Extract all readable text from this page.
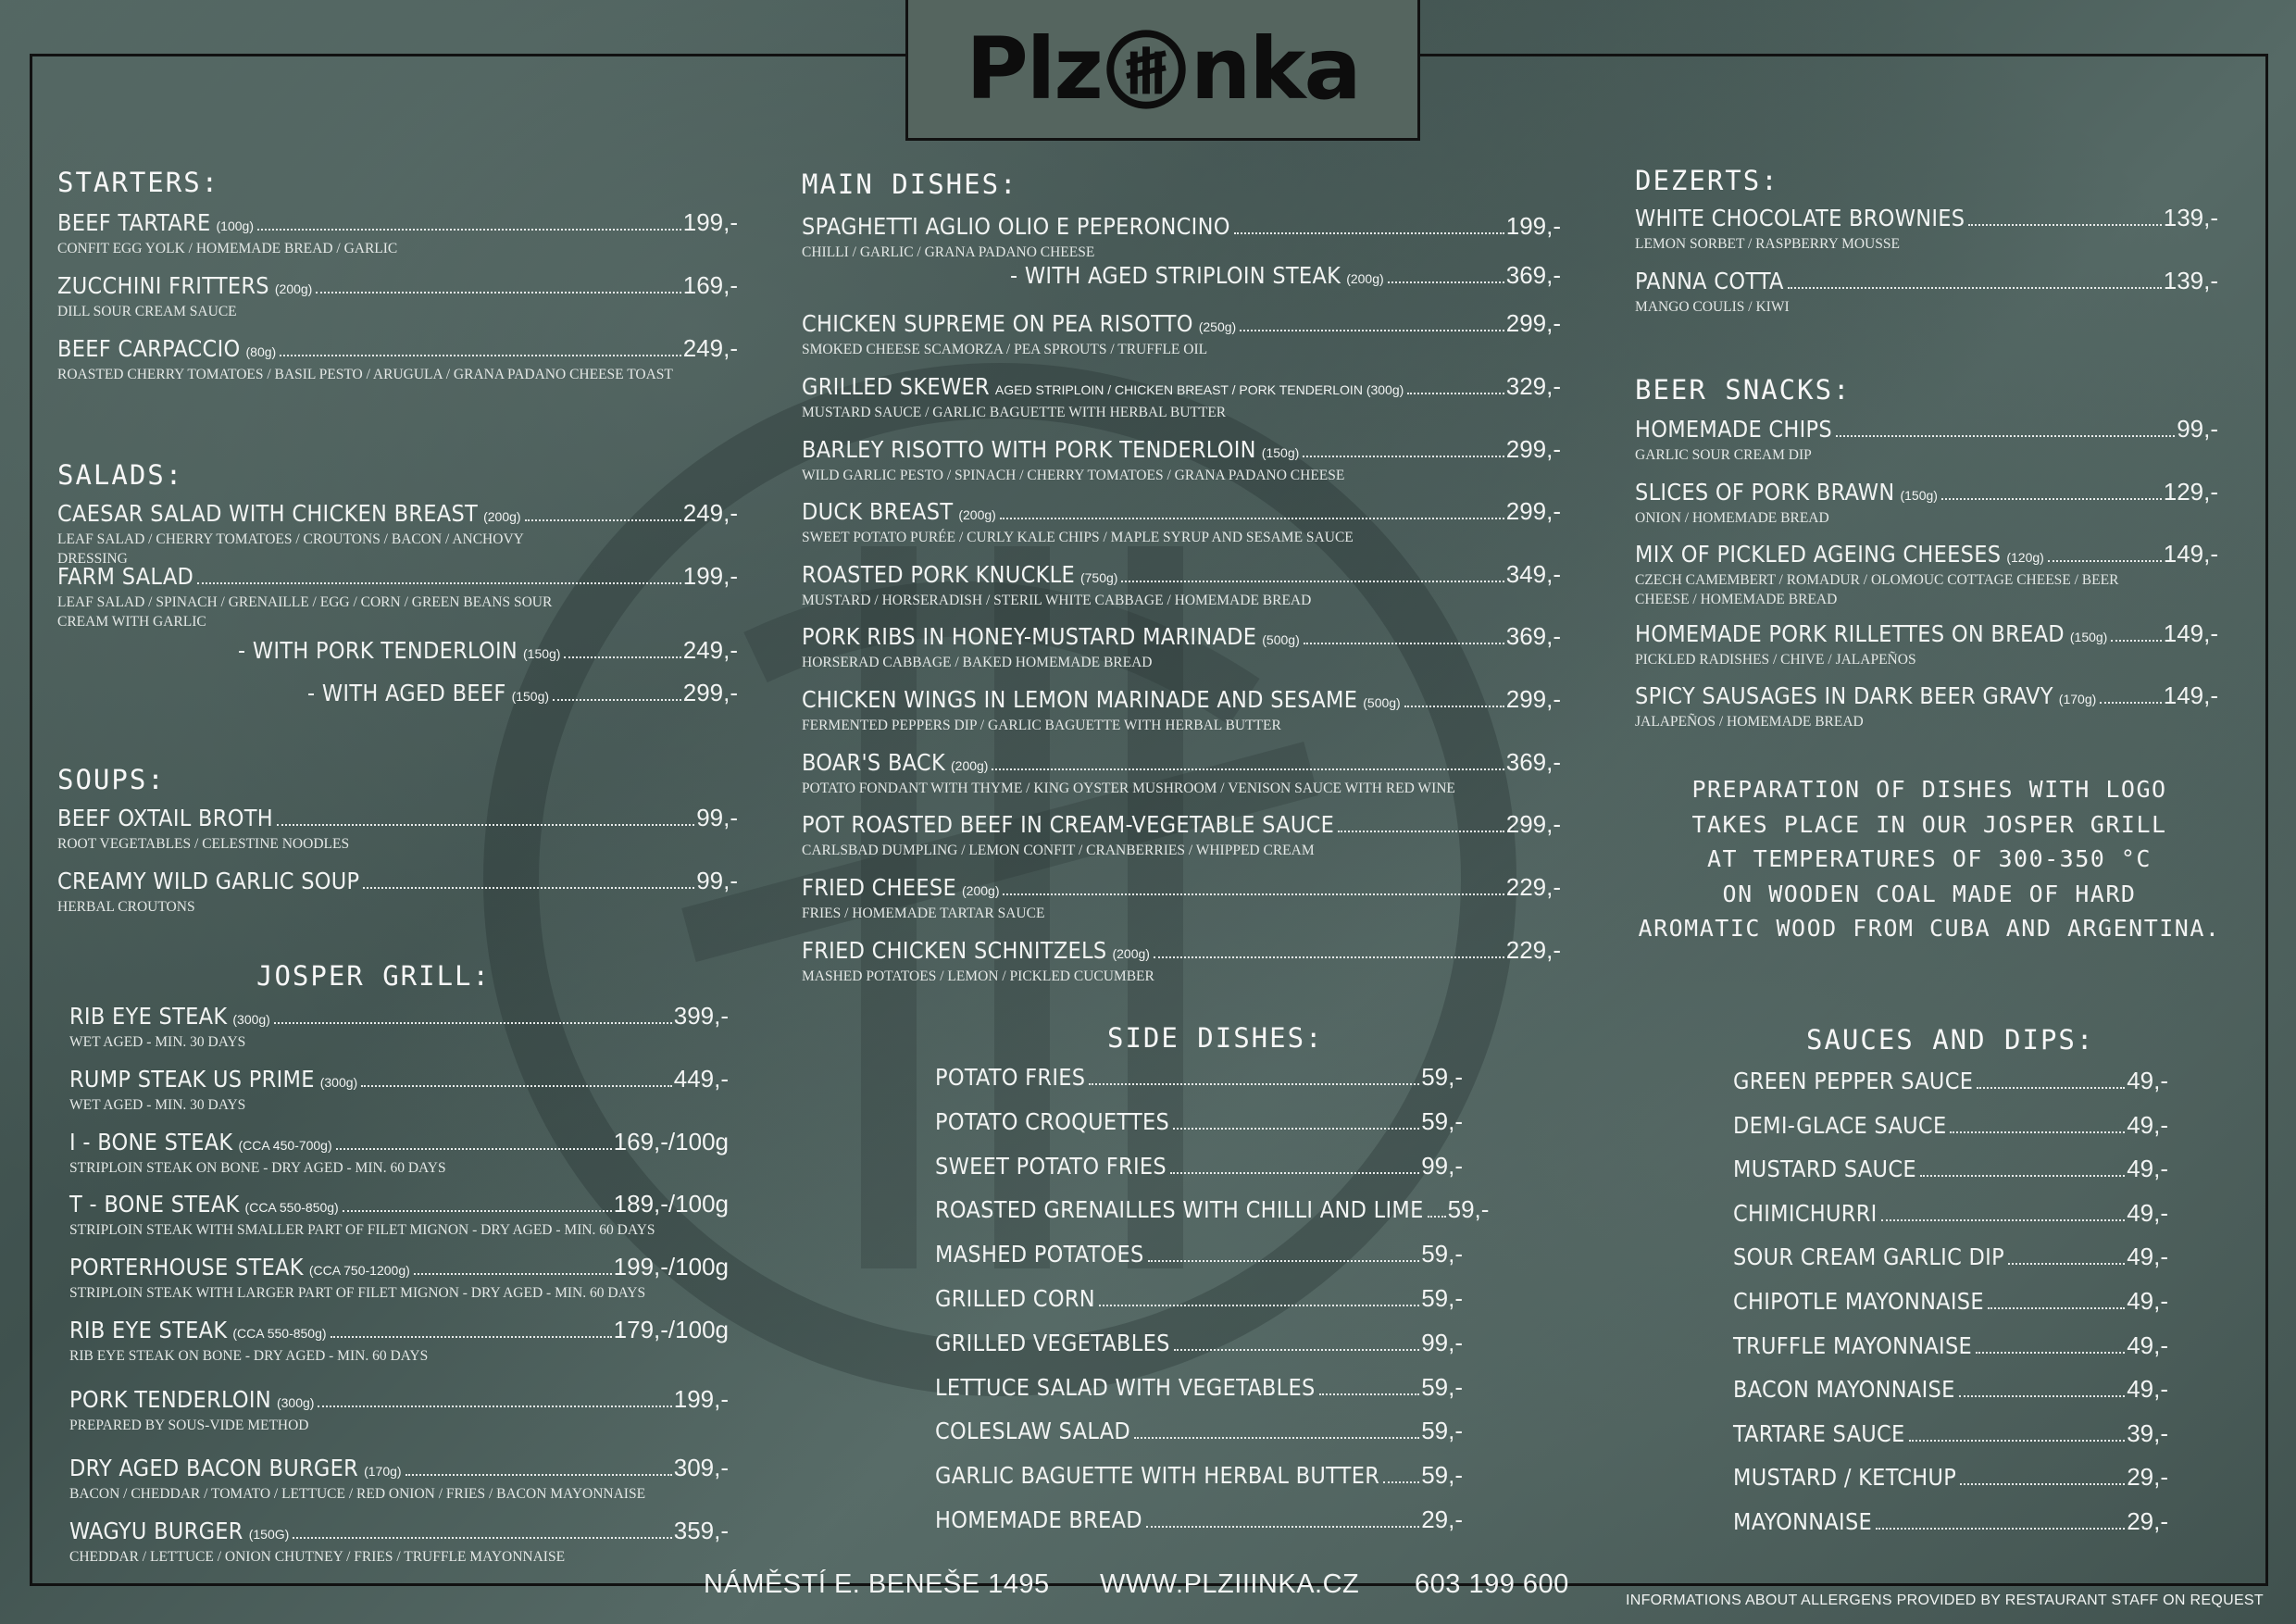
Plz nka
STARTERS:
BEEF TARTARE (100g)	199,-
CONFIT EGG YOLK / HOMEMADE BREAD / GARLIC
ZUCCHINI FRITTERS (200g)	169,-
DILL SOUR CREAM SAUCE
BEEF CARPACCIO (80g)	249,-
ROASTED CHERRY TOMATOES / BASIL PESTO / ARUGULA / GRANA PADANO CHEESE TOAST
SALADS:
CAESAR SALAD WITH CHICKEN BREAST (200g)	249,-
LEAF SALAD / CHERRY TOMATOES / CROUTONS / BACON / ANCHOVY DRESSING
FARM SALAD	199,-
LEAF SALAD / SPINACH / GRENAILLE / EGG / CORN / GREEN BEANS SOUR CREAM WITH GARLIC
- WITH PORK TENDERLOIN (150g)	249,-
- WITH AGED BEEF (150g)	299,-
SOUPS:
BEEF OXTAIL BROTH	99,-
ROOT VEGETABLES / CELESTINE NOODLES
CREAMY WILD GARLIC SOUP	99,-
HERBAL CROUTONS
JOSPER GRILL:
RIB EYE STEAK (300g)	399,-
WET AGED - MIN. 30 DAYS
RUMP STEAK US PRIME (300g)	449,-
WET AGED - MIN. 30 DAYS
I - BONE STEAK (CCA 450-700g)	169,-/100g
STRIPLOIN STEAK ON BONE - DRY AGED - MIN. 60 DAYS
T - BONE STEAK (CCA 550-850g)	189,-/100g
STRIPLOIN STEAK WITH SMALLER PART OF FILET MIGNON - DRY AGED - MIN. 60 DAYS
PORTERHOUSE STEAK (CCA 750-1200g)	199,-/100g
STRIPLOIN STEAK WITH LARGER PART OF FILET MIGNON - DRY AGED - MIN. 60 DAYS
RIB EYE STEAK (CCA 550-850g)	179,-/100g
RIB EYE STEAK ON BONE - DRY AGED - MIN. 60 DAYS
PORK TENDERLOIN (300g)	199,-
PREPARED BY SOUS-VIDE METHOD
DRY AGED BACON BURGER (170g)	309,-
BACON / CHEDDAR / TOMATO / LETTUCE / RED ONION / FRIES / BACON MAYONNAISE
WAGYU BURGER (150G)	359,-
CHEDDAR / LETTUCE / ONION CHUTNEY / FRIES / TRUFFLE MAYONNAISE
MAIN DISHES:
SPAGHETTI AGLIO OLIO E PEPERONCINO	199,-
CHILLI / GARLIC / GRANA PADANO CHEESE
- WITH AGED STRIPLOIN STEAK (200g)	369,-
CHICKEN SUPREME ON PEA RISOTTO (250g)	299,-
SMOKED CHEESE SCAMORZA / PEA SPROUTS / TRUFFLE OIL
GRILLED SKEWER AGED STRIPLOIN / CHICKEN BREAST / PORK TENDERLOIN (300g)	329,-
MUSTARD SAUCE / GARLIC BAGUETTE WITH HERBAL BUTTER
BARLEY RISOTTO WITH PORK TENDERLOIN (150g)	299,-
WILD GARLIC PESTO / SPINACH / CHERRY TOMATOES / GRANA PADANO CHEESE
DUCK BREAST (200g)	299,-
SWEET POTATO PURÉE / CURLY KALE CHIPS / MAPLE SYRUP AND SESAME SAUCE
ROASTED PORK KNUCKLE (750g)	349,-
MUSTARD / HORSERADISH / STERIL WHITE CABBAGE / HOMEMADE BREAD
PORK RIBS IN HONEY-MUSTARD MARINADE (500g)	369,-
HORSERAD CABBAGE / BAKED HOMEMADE BREAD
CHICKEN WINGS IN LEMON MARINADE AND SESAME (500g)	299,-
FERMENTED PEPPERS DIP / GARLIC BAGUETTE WITH HERBAL BUTTER
BOAR'S BACK (200g)	369,-
POTATO FONDANT WITH THYME / KING OYSTER MUSHROOM / VENISON SAUCE WITH RED WINE
POT ROASTED BEEF IN CREAM-VEGETABLE SAUCE	299,-
CARLSBAD DUMPLING / LEMON CONFIT / CRANBERRIES / WHIPPED CREAM
FRIED CHEESE (200g)	229,-
FRIES / HOMEMADE TARTAR SAUCE
FRIED CHICKEN SCHNITZELS (200g)	229,-
MASHED POTATOES / LEMON / PICKLED CUCUMBER
SIDE DISHES:
POTATO FRIES	59,-
POTATO CROQUETTES	59,-
SWEET POTATO FRIES	99,-
ROASTED GRENAILLES WITH CHILLI AND LIME 59,-
MASHED POTATOES	59,-
GRILLED CORN	59,-
GRILLED VEGETABLES	99,-
LETTUCE SALAD WITH VEGETABLES	59,-
COLESLAW SALAD	59,-
GARLIC BAGUETTE WITH HERBAL BUTTER 59,-
HOMEMADE BREAD	29,-
DEZERTS:
WHITE CHOCOLATE BROWNIES	139,-
LEMON SORBET / RASPBERRY MOUSSE
PANNA COTTA	139,-
MANGO COULIS / KIWI
BEER SNACKS:
HOMEMADE CHIPS	99,-
GARLIC SOUR CREAM DIP
SLICES OF PORK BRAWN (150g)	129,-
ONION / HOMEMADE BREAD
MIX OF PICKLED AGEING CHEESES (120g)	149,-
CZECH CAMEMBERT / ROMADUR / OLOMOUC COTTAGE CHEESE / BEER CHEESE / HOMEMADE BREAD
HOMEMADE PORK RILLETTES ON BREAD (150g) 149,-
PICKLED RADISHES / CHIVE / JALAPEÑOS
SPICY SAUSAGES IN DARK BEER GRAVY (170g)	149,-
JALAPEÑOS / HOMEMADE BREAD
PREPARATION OF DISHES WITH LOGO
TAKES PLACE IN OUR JOSPER GRILL
AT TEMPERATURES OF 300-350 °C
ON WOODEN COAL MADE OF HARD
AROMATIC WOOD FROM CUBA AND ARGENTINA.
SAUCES AND DIPS:
GREEN PEPPER SAUCE	49,-
DEMI-GLACE SAUCE	49,-
MUSTARD SAUCE	49,-
CHIMICHURRI	49,-
SOUR CREAM GARLIC DIP	49,-
CHIPOTLE MAYONNAISE	49,-
TRUFFLE MAYONNAISE	49,-
BACON MAYONNAISE	49,-
TARTARE SAUCE	39,-
MUSTARD / KETCHUP	29,-
MAYONNAISE	29,-
NÁMĚSTÍ E. BENEŠE 1495 WWW.PLZIIINKA.CZ 603 199 600
INFORMATIONS ABOUT ALLERGENS PROVIDED BY RESTAURANT STAFF ON REQUEST
